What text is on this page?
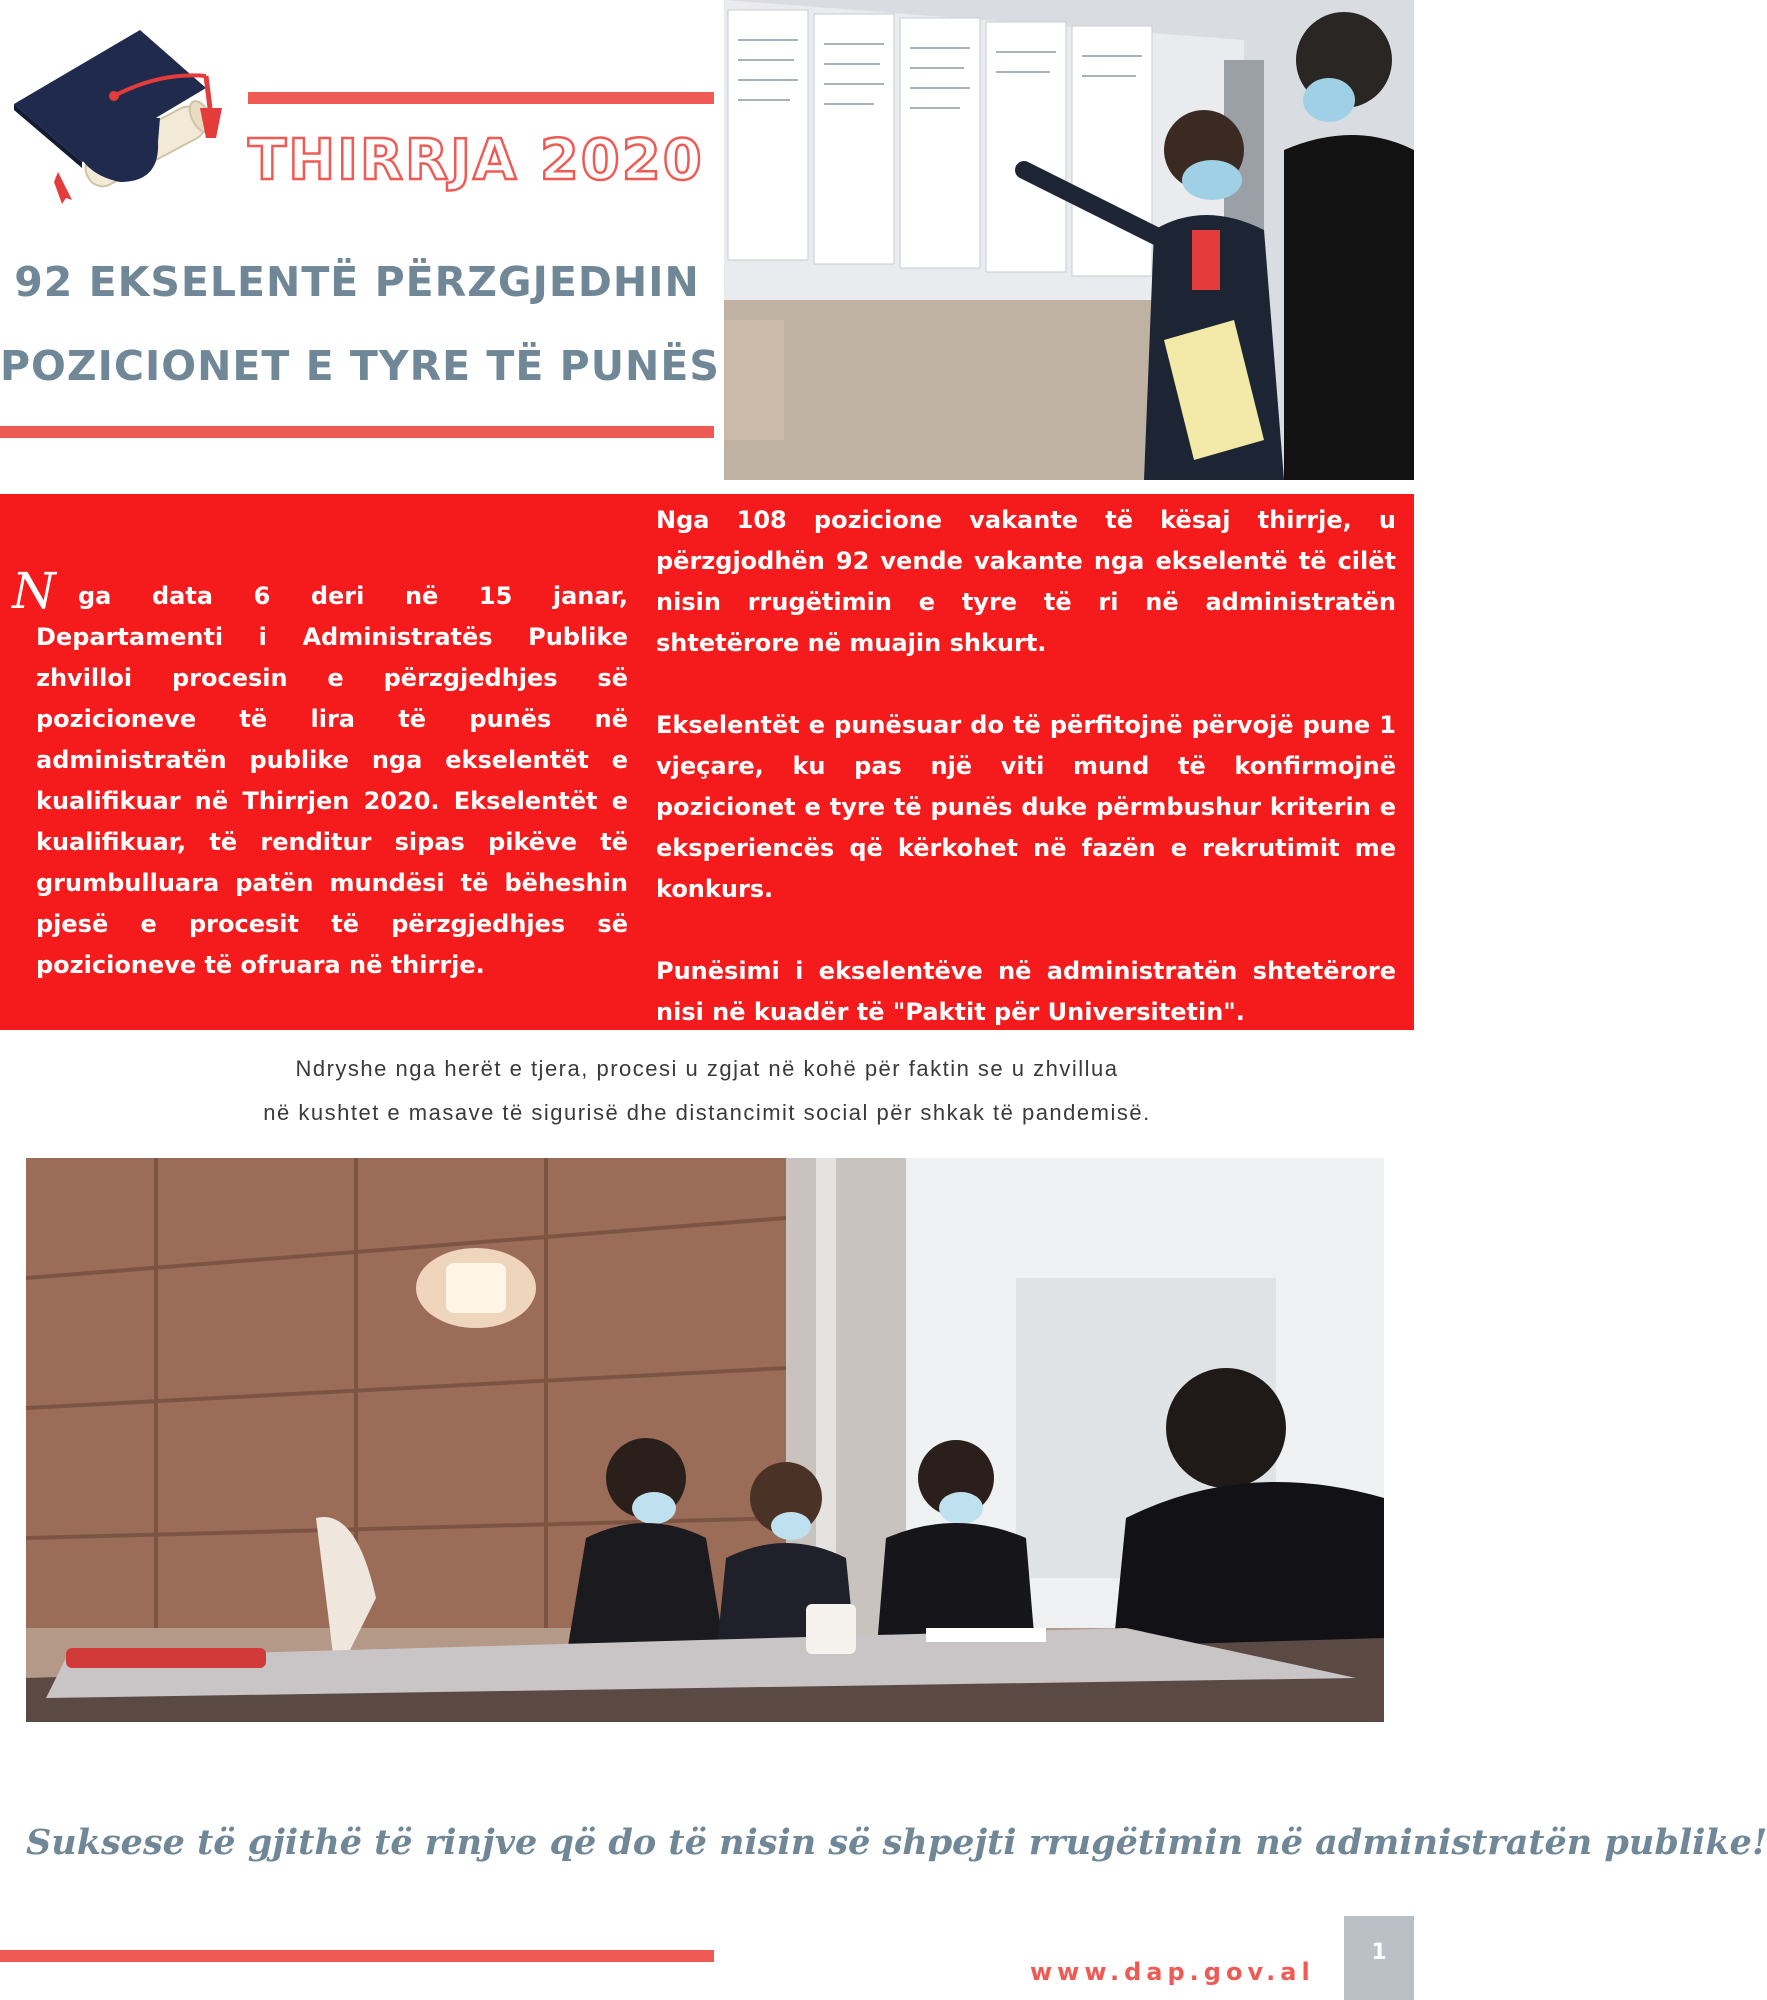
THIRRJA 2020
92 EKSELENTË PËRZGJEDHIN
POZICIONET E TYRE TË PUNËS
N ga data 6 deri në 15 janar, Departamenti i Administratës Publike zhvilloi procesin e përzgjedhjes së pozicioneve të lira të punës në administratën publike nga ekselentët e kualifikuar në Thirrjen 2020. Ekselentët e kualifikuar, të renditur sipas pikëve të grumbulluara patën mundësi të bëheshin pjesë e procesit të përzgjedhjes së pozicioneve të ofruara në thirrje.

Nga 108 pozicione vakante të kësaj thirrje, u përzgjodhën 92 vende vakante nga ekselentë të cilët nisin rrugëtimin e tyre të ri në administratën shtetërore në muajin shkurt.

Ekselentët e punësuar do të përfitojnë përvojë pune 1 vjeçare, ku pas një viti mund të konfirmojnë pozicionet e tyre të punës duke përmbushur kriterin e eksperiencës që kërkohet në fazën e rekrutimit me konkurs.

Punësimi i ekselentëve në administratën shtetërore nisi në kuadër të "Paktit për Universitetin".

Ndryshe nga herët e tjera, procesi u zgjat në kohë për faktin se u zhvillua
në kushtet e masave të sigurisë dhe distancimit social për shkak të pandemisë.
Suksese të gjithë të rinjve që do të nisin së shpejti rrugëtimin në administratën publike!
www.dap.gov.al
1
